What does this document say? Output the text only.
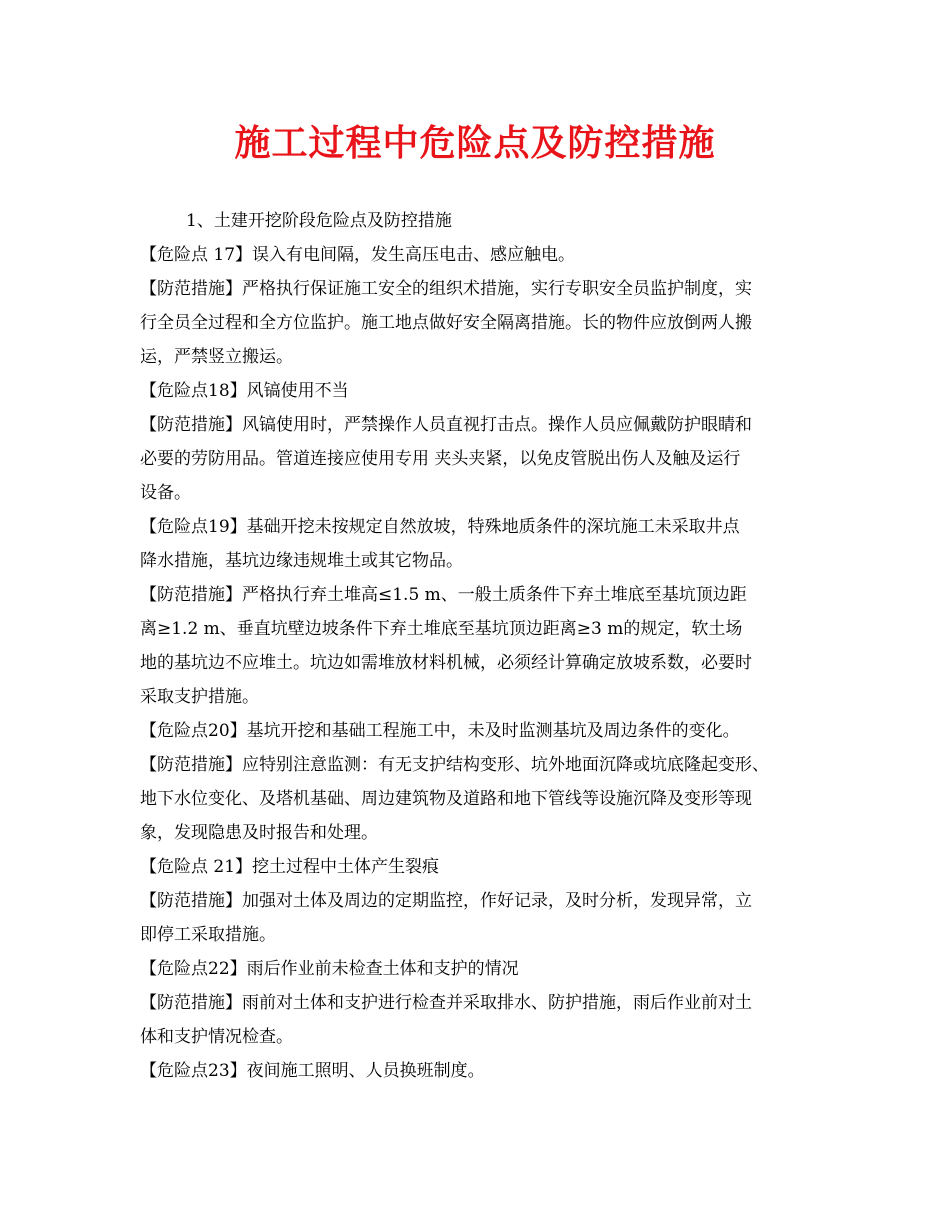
施工过程中危险点及防控措施
1、土建开挖阶段危险点及防控措施
【危险点 17】误入有电间隔，发生高压电击、感应触电。
【防范措施】严格执行保证施工安全的组织术措施，实行专职安全员监护制度，实
行全员全过程和全方位监护。施工地点做好安全隔离措施。长的物件应放倒两人搬
运，严禁竖立搬运。
【危险点18】风镐使用不当
【防范措施】风镐使用时，严禁操作人员直视打击点。操作人员应佩戴防护眼睛和
必要的劳防用品。管道连接应使用专用 夹头夹紧，以免皮管脱出伤人及触及运行
设备。
【危险点19】基础开挖未按规定自然放坡，特殊地质条件的深坑施工未采取井点
降水措施，基坑边缘违规堆土或其它物品。
【防范措施】严格执行弃土堆高≤1.5 m、一般土质条件下弃土堆底至基坑顶边距
离≥1.2 m、垂直坑壁边坡条件下弃土堆底至基坑顶边距离≥3 m的规定，软土场
地的基坑边不应堆土。坑边如需堆放材料机械，必须经计算确定放坡系数，必要时
采取支护措施。
【危险点20】基坑开挖和基础工程施工中，未及时监测基坑及周边条件的变化。
【防范措施】应特别注意监测：有无支护结构变形、坑外地面沉降或坑底隆起变形、
地下水位变化、及塔机基础、周边建筑物及道路和地下管线等设施沉降及变形等现
象，发现隐患及时报告和处理。
【危险点 21】挖土过程中土体产生裂痕
【防范措施】加强对土体及周边的定期监控，作好记录，及时分析，发现异常，立
即停工采取措施。
【危险点22】雨后作业前未检查土体和支护的情况
【防范措施】雨前对土体和支护进行检查并采取排水、防护措施，雨后作业前对土
体和支护情况检查。
【危险点23】夜间施工照明、人员换班制度。
